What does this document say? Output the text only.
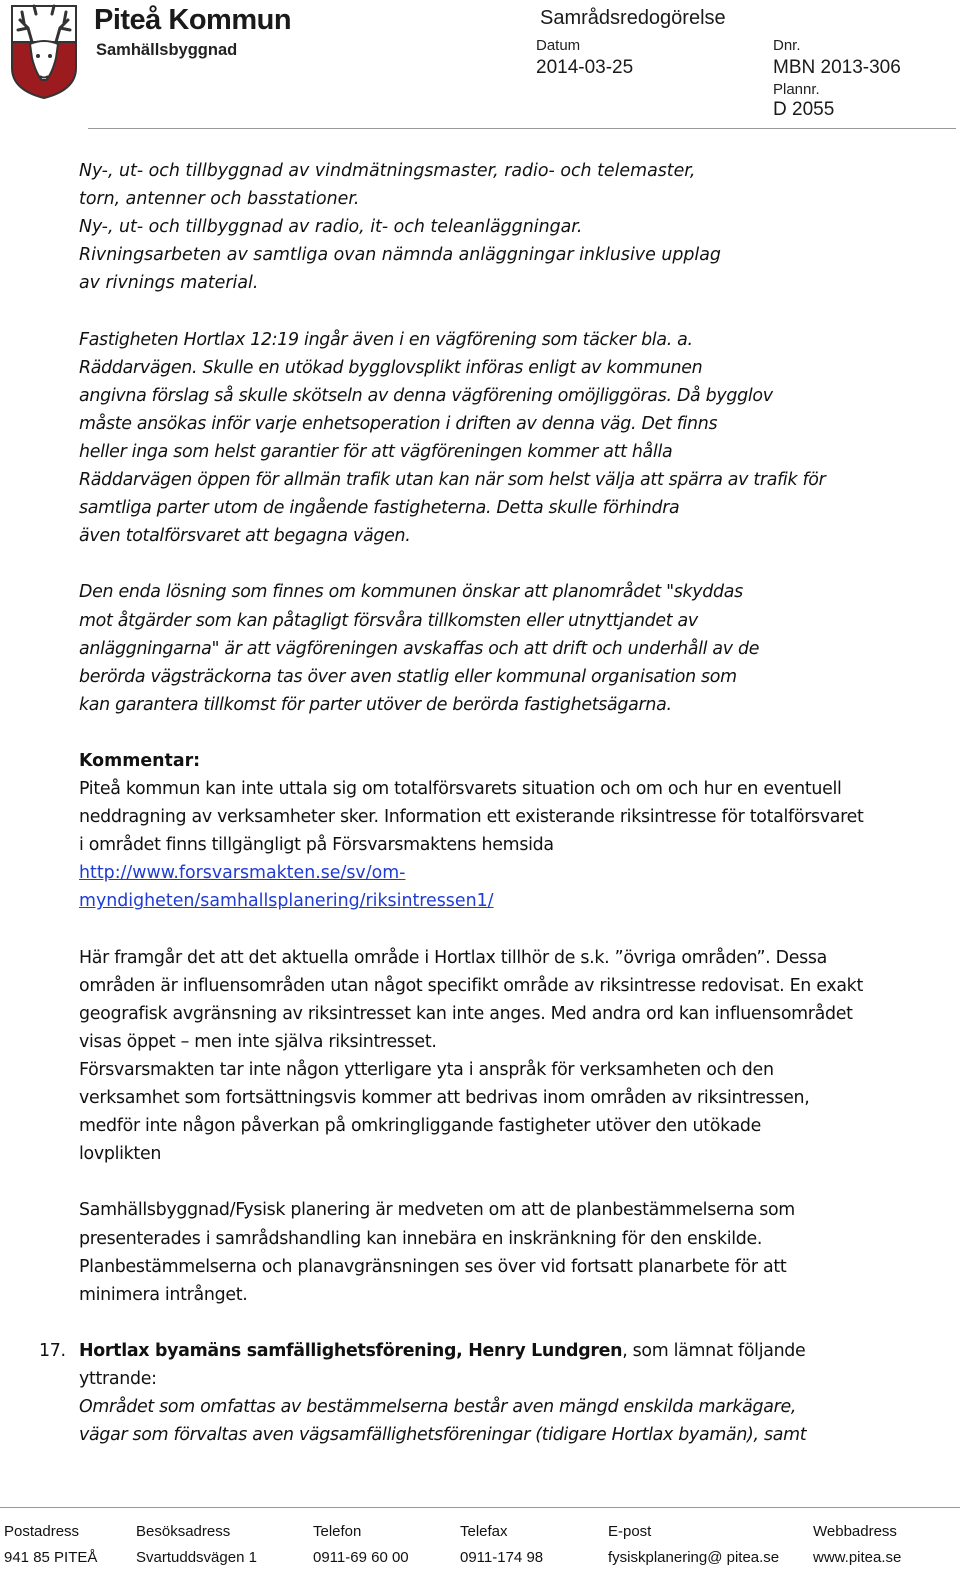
Piteå Kommun
Samhällsbyggnad
Samrådsredogörelse
Datum
2014-03-25
Dnr.
MBN 2013-306
Plannr.
D 2055

Ny-, ut- och tillbyggnad av vindmätningsmaster, radio- och telemaster,

torn, antenner och basstationer.

Ny-, ut- och tillbyggnad av radio, it- och teleanläggningar.

Rivningsarbeten av samtliga ovan nämnda anläggningar inklusive upplag

av rivnings material.

Fastigheten Hortlax 12:19 ingår även i en vägförening som täcker bla. a.

Räddarvägen. Skulle en utökad bygglovsplikt införas enligt av kommunen

angivna förslag så skulle skötseln av denna vägförening omöjliggöras. Då bygglov

måste ansökas inför varje enhetsoperation i driften av denna väg. Det finns

heller inga som helst garantier för att vägföreningen kommer att hålla

Räddarvägen öppen för allmän trafik utan kan när som helst välja att spärra av trafik för

samtliga parter utom de ingående fastigheterna. Detta skulle förhindra

även totalförsvaret att begagna vägen.

Den enda lösning som finnes om kommunen önskar att planområdet "skyddas

mot åtgärder som kan påtagligt försvåra tillkomsten eller utnyttjandet av

anläggningarna" är att vägföreningen avskaffas och att drift och underhåll av de

berörda vägsträckorna tas över aven statlig eller kommunal organisation som

kan garantera tillkomst för parter utöver de berörda fastighetsägarna.

Kommentar:

Piteå kommun kan inte uttala sig om totalförsvarets situation och om och hur en eventuell

neddragning av verksamheter sker. Information ett existerande riksintresse för totalförsvaret

i området finns tillgängligt på Försvarsmaktens hemsida

http://www.forsvarsmakten.se/sv/om-

myndigheten/samhallsplanering/riksintressen1/

Här framgår det att det aktuella område i Hortlax tillhör de s.k. ”övriga områden”. Dessa

områden är influensområden utan något specifikt område av riksintresse redovisat. En exakt

geografisk avgränsning av riksintresset kan inte anges. Med andra ord kan influensområdet

visas öppet – men inte själva riksintresset.

Försvarsmakten tar inte någon ytterligare yta i anspråk för verksamheten och den

verksamhet som fortsättningsvis kommer att bedrivas inom områden av riksintressen,

medför inte någon påverkan på omkringliggande fastigheter utöver den utökade

lovplikten

Samhällsbyggnad/Fysisk planering är medveten om att de planbestämmelserna som

presenterades i samrådshandling kan innebära en inskränkning för den enskilde.

Planbestämmelserna och planavgränsningen ses över vid fortsatt planarbete för att

minimera intrånget.

17. Hortlax byamäns samfällighetsförening, Henry Lundgren, som lämnat följande

yttrande:

Området som omfattas av bestämmelserna består aven mängd enskilda markägare,

vägar som förvaltas aven vägsamfällighetsföreningar (tidigare Hortlax byamän), samt

Postadress
941 85 PITEÅ
Besöksadress
Svartuddsvägen 1
Telefon
0911-69 60 00
Telefax
0911-174 98
E-post
fysiskplanering@ pitea.se
Webbadress
www.pitea.se
